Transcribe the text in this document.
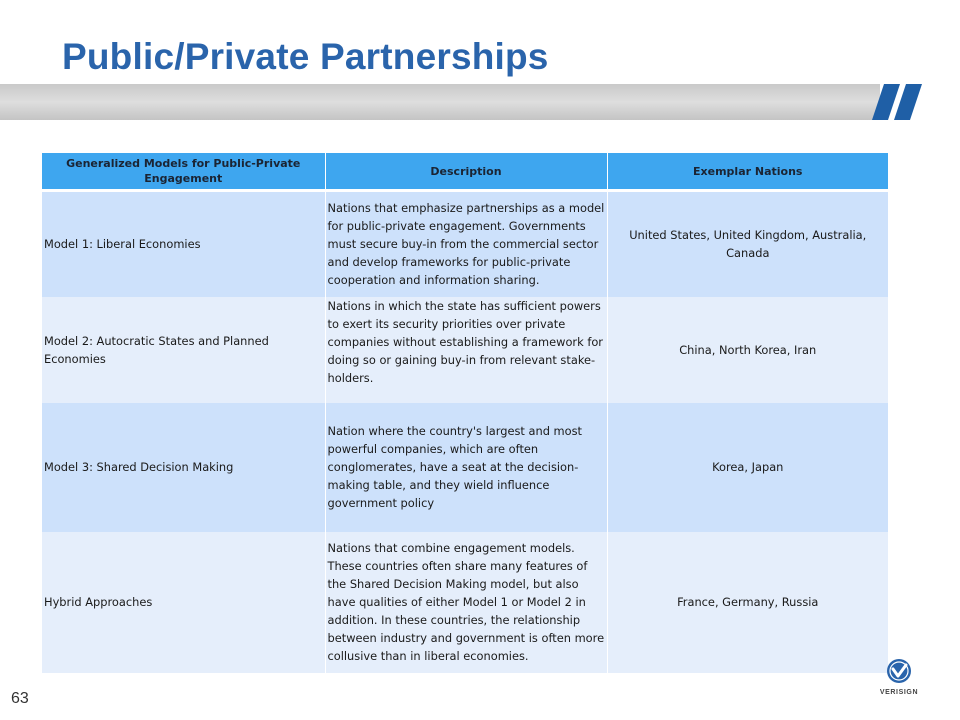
Public/Private Partnerships
Generalized Models for Public-Private Engagement	Description	Exemplar Nations
Model 1: Liberal Economies	Nations that emphasize partnerships as a model for public-private engagement. Governments must secure buy-in from the commercial sector and develop frameworks for public-private cooperation and information sharing.	United States, United Kingdom, Australia, Canada
Model 2: Autocratic States and Planned Economies	Nations in which the state has sufficient powers to exert its security priorities over private companies without establishing a framework for doing so or gaining buy-in from relevant stake-holders.	China, North Korea, Iran
Model 3: Shared Decision Making	Nation where the country's largest and most powerful companies, which are often conglomerates, have a seat at the decision-making table, and they wield influence government policy	Korea, Japan
Hybrid Approaches	Nations that combine engagement models. These countries often share many features of the Shared Decision Making model, but also have qualities of either Model 1 or Model 2 in addition. In these countries, the relationship between industry and government is often more collusive than in liberal economies.	France, Germany, Russia
63	VERISIGN
